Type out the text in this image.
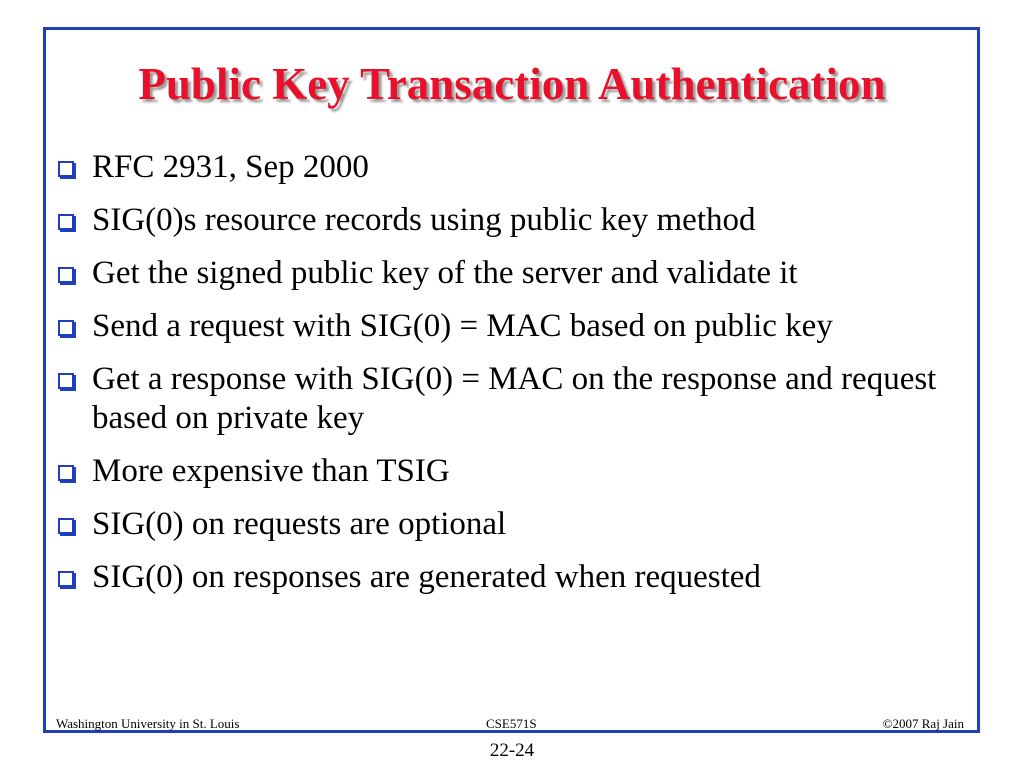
Public Key Transaction Authentication
RFC 2931, Sep 2000
SIG(0)s resource records using public key method
Get the signed public key of the server and validate it
Send a request with SIG(0) = MAC based on public key
Get a response with SIG(0) = MAC on the response and request based on private key
More expensive than TSIG
SIG(0) on requests are optional
SIG(0) on responses are generated when requested
Washington University in St. Louis	CSE571S	©2007 Raj Jain
22-24
